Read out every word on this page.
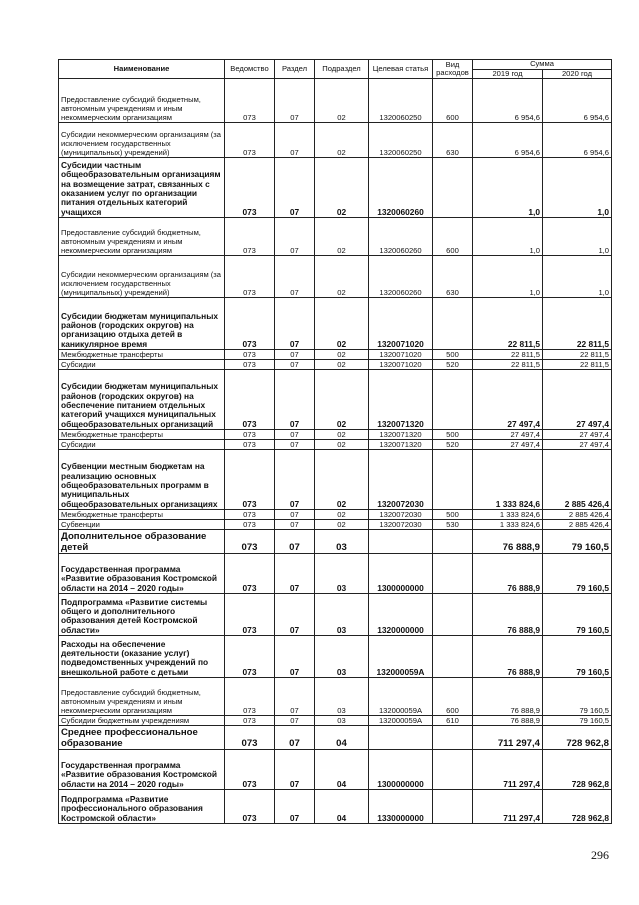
Наименование	Ведомство	Раздел	Подраздел	Целевая статья	Вид расходов	Сумма	
						2019 год	2020 год
Предоставление субсидий бюджетным, автономным учреждениям и иным некоммерческим организациям	073	07	02	1320060250	600	6 954,6	6 954,6
Субсидии некоммерческим организациям (за исключением государственных (муниципальных) учреждений)	073	07	02	1320060250	630	6 954,6	6 954,6
Субсидии частным общеобразовательным организациям на возмещение затрат, связанных с оказанием услуг по организации питания отдельных категорий учащихся	073	07	02	1320060260		1,0	1,0
Предоставление субсидий бюджетным, автономным учреждениям и иным некоммерческим организациям	073	07	02	1320060260	600	1,0	1,0
Субсидии некоммерческим организациям (за исключением государственных (муниципальных) учреждений)	073	07	02	1320060260	630	1,0	1,0
Субсидии бюджетам муниципальных районов (городских округов) на организацию отдыха детей в каникулярное время	073	07	02	1320071020		22 811,5	22 811,5
Межбюджетные трансферты	073	07	02	1320071020	500	22 811,5	22 811,5
Субсидии	073	07	02	1320071020	520	22 811,5	22 811,5
Субсидии бюджетам муниципальных районов (городских округов) на обеспечение питанием отдельных категорий учащихся муниципальных общеобразовательных организаций	073	07	02	1320071320		27 497,4	27 497,4
Межбюджетные трансферты	073	07	02	1320071320	500	27 497,4	27 497,4
Субсидии	073	07	02	1320071320	520	27 497,4	27 497,4
Субвенции местным бюджетам на реализацию основных общеобразовательных программ в муниципальных общеобразовательных организациях	073	07	02	1320072030		1 333 824,6	2 885 426,4
Межбюджетные трансферты	073	07	02	1320072030	500	1 333 824,6	2 885 426,4
Субвенции	073	07	02	1320072030	530	1 333 824,6	2 885 426,4
Дополнительное образование детей	073	07	03			76 888,9	79 160,5
Государственная программа «Развитие образования Костромской области на 2014 – 2020 годы»	073	07	03	1300000000		76 888,9	79 160,5
Подпрограмма «Развитие системы общего и дополнительного образования детей Костромской области»	073	07	03	1320000000		76 888,9	79 160,5
Расходы на обеспечение деятельности (оказание услуг) подведомственных учреждений по внешкольной работе с детьми	073	07	03	132000059А		76 888,9	79 160,5
Предоставление субсидий бюджетным, автономным учреждениям и иным некоммерческим организациям	073	07	03	132000059А	600	76 888,9	79 160,5
Субсидии бюджетным учреждениям	073	07	03	132000059А	610	76 888,9	79 160,5
Среднее профессиональное образование	073	07	04			711 297,4	728 962,8
Государственная программа «Развитие образования Костромской области на 2014 – 2020 годы»	073	07	04	1300000000		711 297,4	728 962,8
Подпрограмма «Развитие профессионального образования Костромской области»	073	07	04	1330000000		711 297,4	728 962,8
296
